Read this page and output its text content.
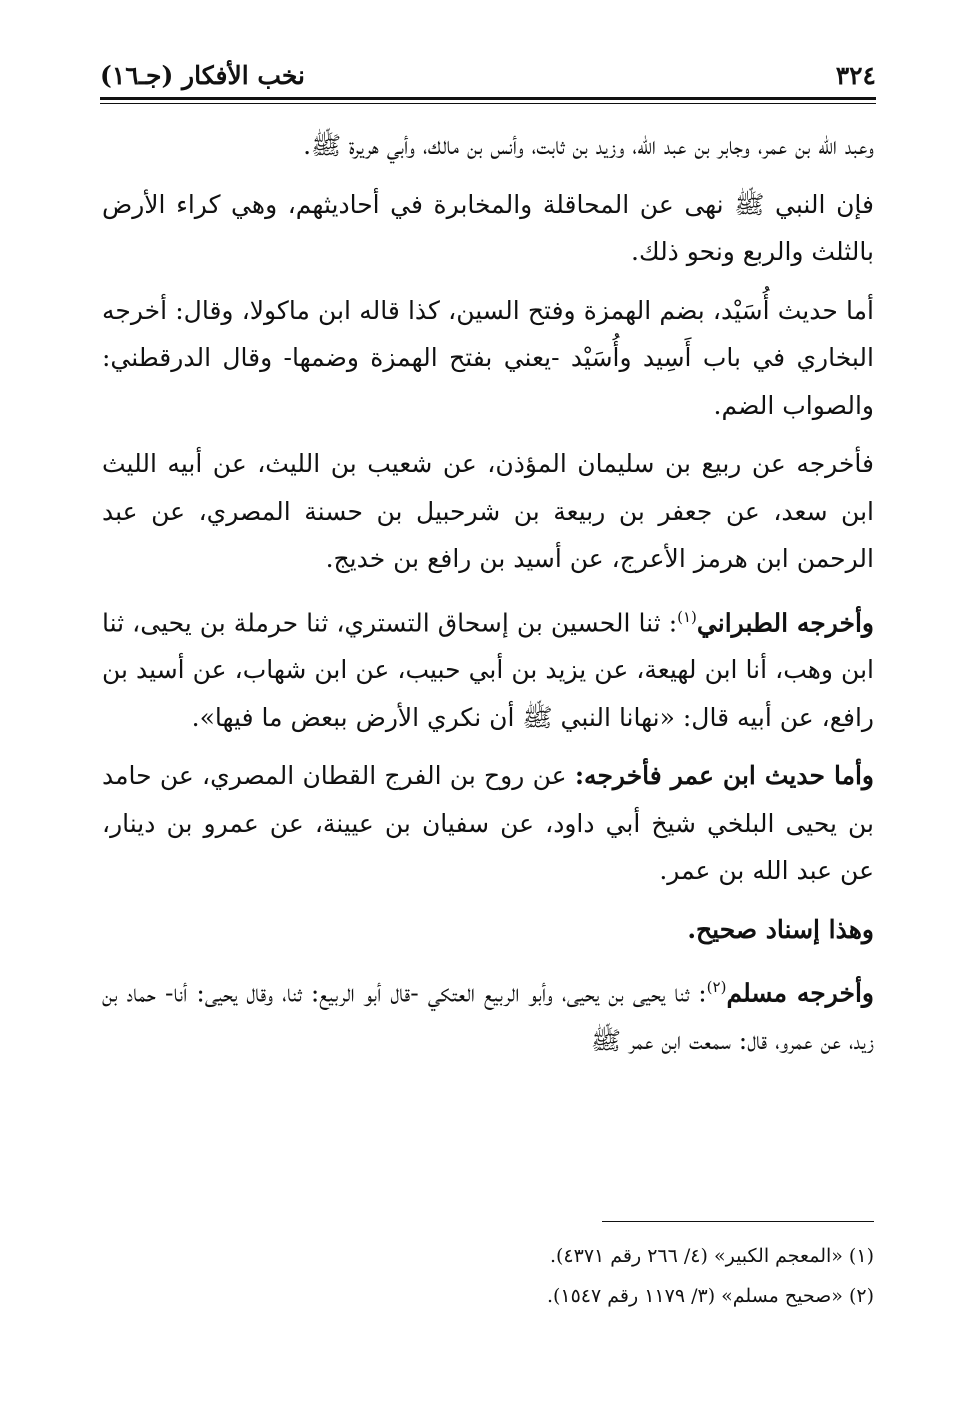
٣٢٤
نخب الأفكار (جـ١٦)

وعبد الله بن عمر، وجابر بن عبد الله، وزيد بن ثابت، وأنس بن مالك، وأبي هريرة ﷺ.

فإن النبي ﷺ نهى عن المحاقلة والمخابرة في أحاديثهم، وهي كراء الأرض بالثلث والربع ونحو ذلك.

أما حديث أُسَيْد، بضم الهمزة وفتح السين، كذا قاله ابن ماكولا، وقال: أخرجه البخاري في باب أَسِيد وأُسَيْد -يعني بفتح الهمزة وضمها- وقال الدرقطني: والصواب الضم.

فأخرجه عن ربيع بن سليمان المؤذن، عن شعيب بن الليث، عن أبيه الليث ابن سعد، عن جعفر بن ربيعة بن شرحبيل بن حسنة المصري، عن عبد الرحمن ابن هرمز الأعرج، عن أسيد بن رافع بن خديج.

وأخرجه الطبراني$^{(١)}$: ثنا الحسين بن إسحاق التستري، ثنا حرملة بن يحيى، ثنا ابن وهب، أنا ابن لهيعة، عن يزيد بن أبي حبيب، عن ابن شهاب، عن أسيد بن رافع، عن أبيه قال: «نهانا النبي ﷺ أن نكري الأرض ببعض ما فيها».

وأما حديث ابن عمر فأخرجه: عن روح بن الفرج القطان المصري، عن حامد بن يحيى البلخي شيخ أبي داود، عن سفيان بن عيينة، عن عمرو بن دينار، عن عبد الله بن عمر.

وهذا إسناد صحيح.

وأخرجه مسلم$^{(٢)}$: ثنا يحيى بن يحيى، وأبو الربيع العتكي -قال أبو الربيع: ثنا، وقال يحيى: أنا- حماد بن زيد، عن عمرو، قال: سمعت ابن عمر ﷺ

(١) «المعجم الكبير» (٤/ ٢٦٦ رقم ٤٣٧١).
(٢) «صحيح مسلم» (٣/ ١١٧٩ رقم ١٥٤٧).
